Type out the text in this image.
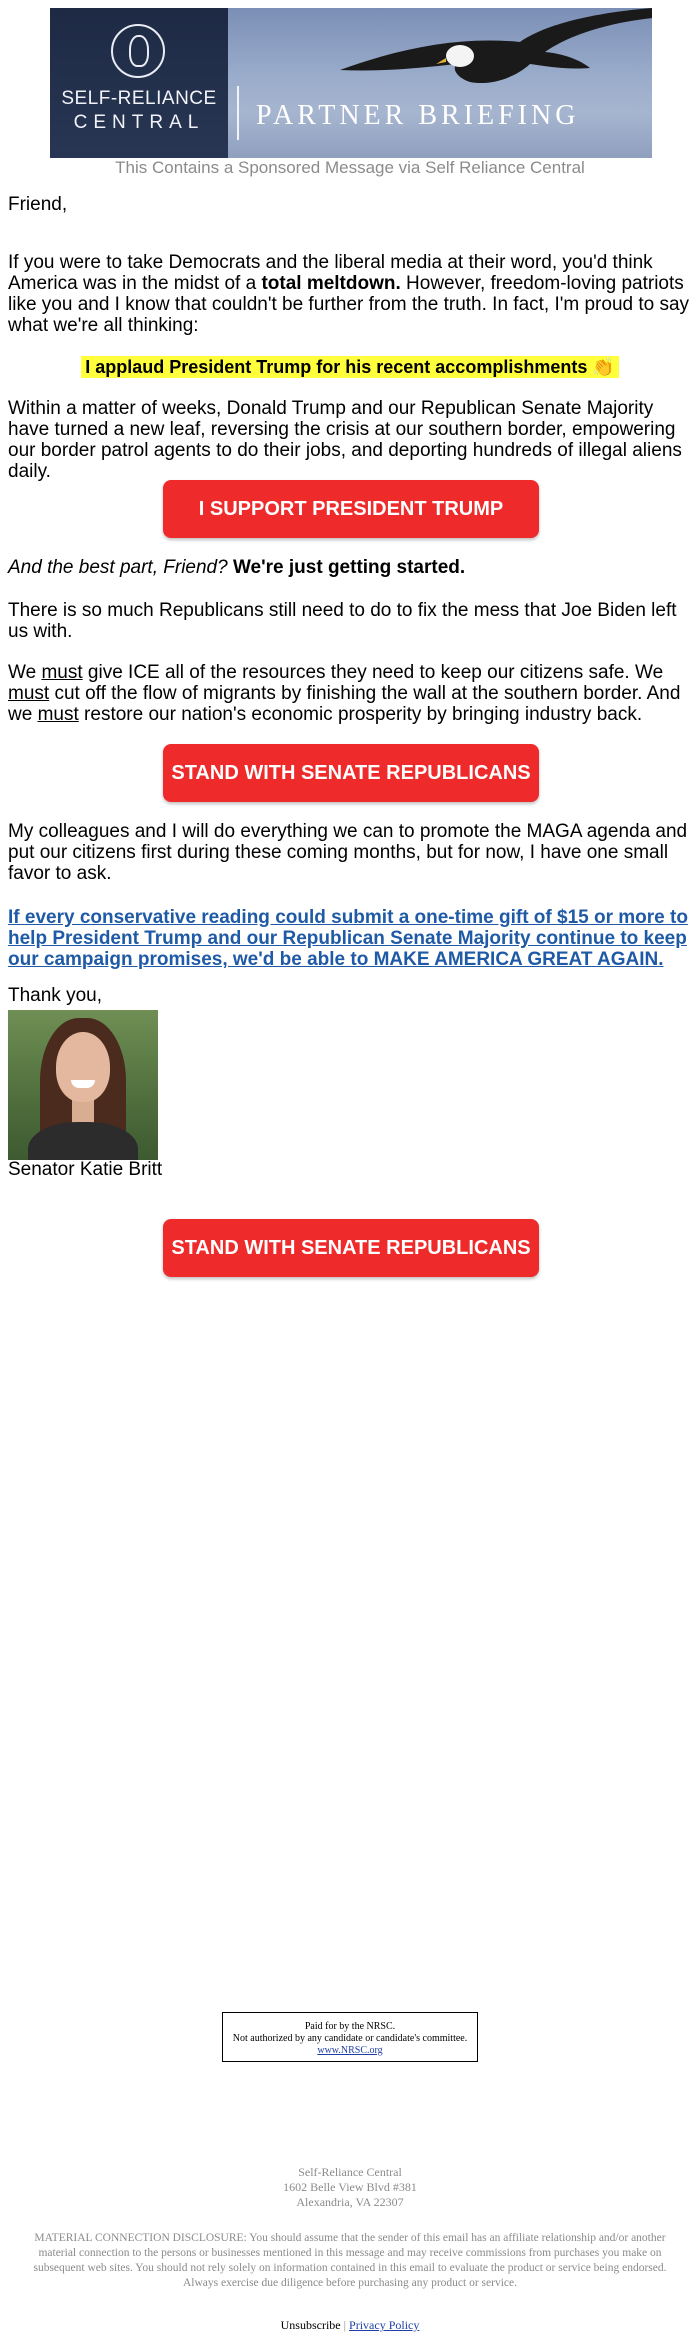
SELF-RELIANCE
CENTRAL	PARTNER BRIEFING
This Contains a Sponsored Message via Self Reliance Central
Friend,
If you were to take Democrats and the liberal media at their word, you'd think America was in the midst of a total meltdown. However, freedom-loving patriots like you and I know that couldn't be further from the truth. In fact, I'm proud to say what we're all thinking:
I applaud President Trump for his recent accomplishments 👏
Within a matter of weeks, Donald Trump and our Republican Senate Majority have turned a new leaf, reversing the crisis at our southern border, empowering our border patrol agents to do their jobs, and deporting hundreds of illegal aliens daily.
I SUPPORT PRESIDENT TRUMP
And the best part, Friend? We're just getting started.
There is so much Republicans still need to do to fix the mess that Joe Biden left us with.
We must give ICE all of the resources they need to keep our citizens safe. We must cut off the flow of migrants by finishing the wall at the southern border. And we must restore our nation's economic prosperity by bringing industry back.
STAND WITH SENATE REPUBLICANS
My colleagues and I will do everything we can to promote the MAGA agenda and put our citizens first during these coming months, but for now, I have one small favor to ask.
If every conservative reading could submit a one-time gift of $15 or more to help President Trump and our Republican Senate Majority continue to keep our campaign promises, we'd be able to MAKE AMERICA GREAT AGAIN.
Thank you,
Senator Katie Britt
STAND WITH SENATE REPUBLICANS
Paid for by the NRSC.
Not authorized by any candidate or candidate's committee.
www.NRSC.org
Self-Reliance Central
1602 Belle View Blvd #381
Alexandria, VA 22307
MATERIAL CONNECTION DISCLOSURE: You should assume that the sender of this email has an affiliate relationship and/or another material connection to the persons or businesses mentioned in this message and may receive commissions from purchases you make on subsequent web sites. You should not rely solely on information contained in this email to evaluate the product or service being endorsed. Always exercise due diligence before purchasing any product or service.
Unsubscribe | Privacy Policy
